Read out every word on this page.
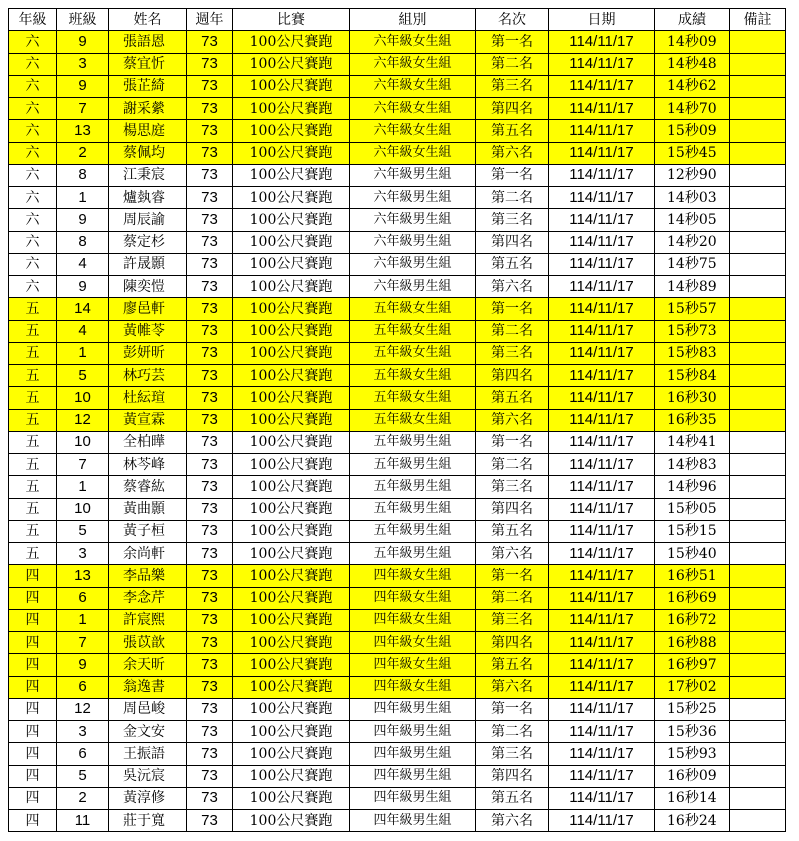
年級	班級	姓名	週年	比賽	組別	名次	日期	成績	備註
六	9	張語恩	73	100公尺賽跑	六年級女生組	第一名	114/11/17	14秒09	
六	3	蔡宜忻	73	100公尺賽跑	六年級女生組	第二名	114/11/17	14秒48	
六	9	張芷綺	73	100公尺賽跑	六年級女生組	第三名	114/11/17	14秒62	
六	7	謝采縈	73	100公尺賽跑	六年級女生組	第四名	114/11/17	14秒70	
六	13	楊思庭	73	100公尺賽跑	六年級女生組	第五名	114/11/17	15秒09	
六	2	蔡佩均	73	100公尺賽跑	六年級女生組	第六名	114/11/17	15秒45	
六	8	江秉宸	73	100公尺賽跑	六年級男生組	第一名	114/11/17	12秒90	
六	1	爐埶睿	73	100公尺賽跑	六年級男生組	第二名	114/11/17	14秒03	
六	9	周辰諭	73	100公尺賽跑	六年級男生組	第三名	114/11/17	14秒05	
六	8	蔡定杉	73	100公尺賽跑	六年級男生組	第四名	114/11/17	14秒20	
六	4	許晟顥	73	100公尺賽跑	六年級男生組	第五名	114/11/17	14秒75	
六	9	陳奕愷	73	100公尺賽跑	六年級男生組	第六名	114/11/17	14秒89	
五	14	廖邑軒	73	100公尺賽跑	五年級女生組	第一名	114/11/17	15秒57	
五	4	黃帷苓	73	100公尺賽跑	五年級女生組	第二名	114/11/17	15秒73	
五	1	彭妍昕	73	100公尺賽跑	五年級女生組	第三名	114/11/17	15秒83	
五	5	林巧芸	73	100公尺賽跑	五年級女生組	第四名	114/11/17	15秒84	
五	10	杜紜瑄	73	100公尺賽跑	五年級女生組	第五名	114/11/17	16秒30	
五	12	黃宣霖	73	100公尺賽跑	五年級女生組	第六名	114/11/17	16秒35	
五	10	全柏曄	73	100公尺賽跑	五年級男生組	第一名	114/11/17	14秒41	
五	7	林芩峰	73	100公尺賽跑	五年級男生組	第二名	114/11/17	14秒83	
五	1	蔡睿紘	73	100公尺賽跑	五年級男生組	第三名	114/11/17	14秒96	
五	10	黃曲顥	73	100公尺賽跑	五年級男生組	第四名	114/11/17	15秒05	
五	5	黃子桓	73	100公尺賽跑	五年級男生組	第五名	114/11/17	15秒15	
五	3	余尚軒	73	100公尺賽跑	五年級男生組	第六名	114/11/17	15秒40	
四	13	李品樂	73	100公尺賽跑	四年級女生組	第一名	114/11/17	16秒51	
四	6	李念芹	73	100公尺賽跑	四年級女生組	第二名	114/11/17	16秒69	
四	1	許宸熙	73	100公尺賽跑	四年級女生組	第三名	114/11/17	16秒72	
四	7	張苡歆	73	100公尺賽跑	四年級女生組	第四名	114/11/17	16秒88	
四	9	余天昕	73	100公尺賽跑	四年級女生組	第五名	114/11/17	16秒97	
四	6	翁逸書	73	100公尺賽跑	四年級女生組	第六名	114/11/17	17秒02	
四	12	周邑峻	73	100公尺賽跑	四年級男生組	第一名	114/11/17	15秒25	
四	3	金文安	73	100公尺賽跑	四年級男生組	第二名	114/11/17	15秒36	
四	6	王振語	73	100公尺賽跑	四年級男生組	第三名	114/11/17	15秒93	
四	5	吳沅宸	73	100公尺賽跑	四年級男生組	第四名	114/11/17	16秒09	
四	2	黃淳修	73	100公尺賽跑	四年級男生組	第五名	114/11/17	16秒14	
四	11	莊于寬	73	100公尺賽跑	四年級男生組	第六名	114/11/17	16秒24	
